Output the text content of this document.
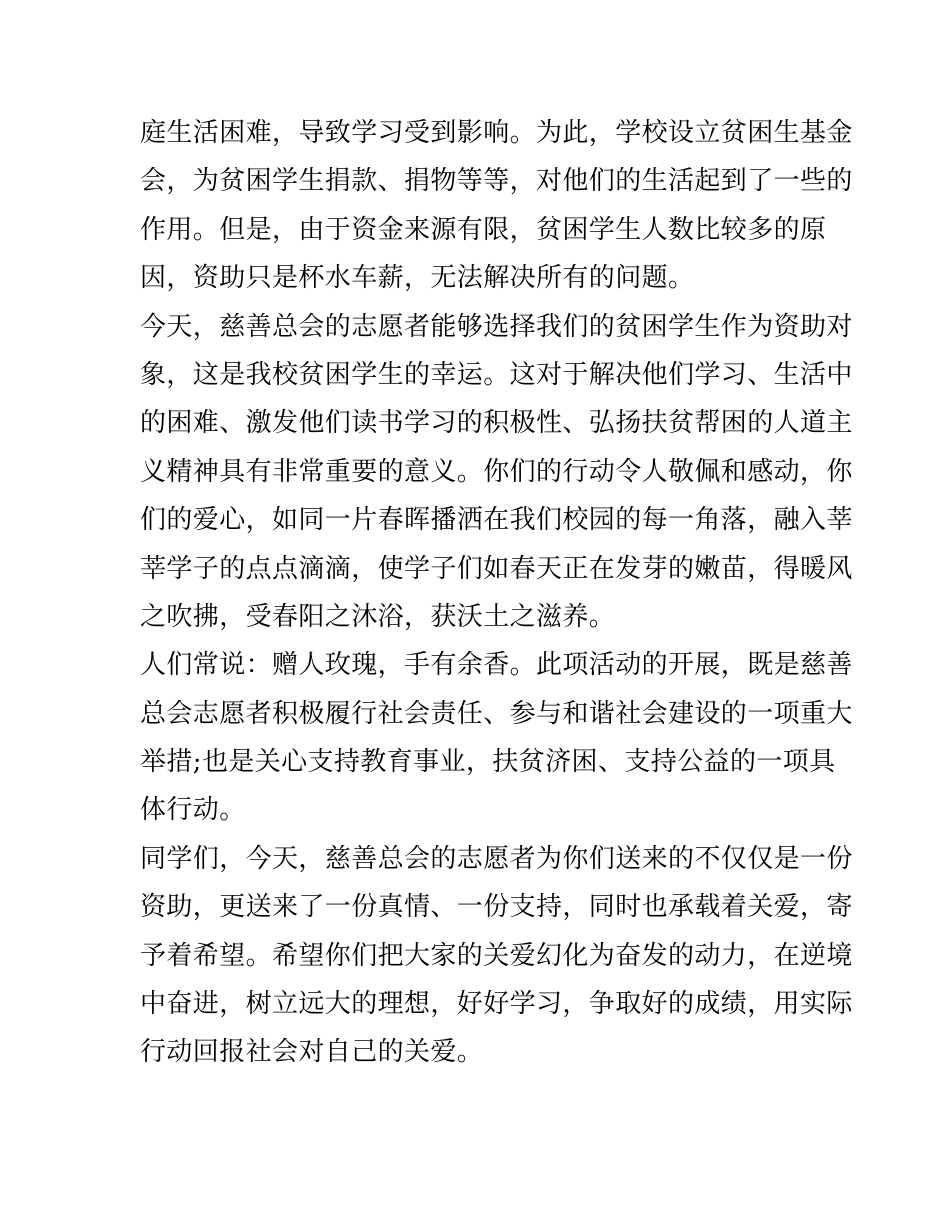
庭生活困难，导致学习受到影响。为此，学校设立贫困生基金
会，为贫困学生捐款、捐物等等，对他们的生活起到了一些的
作用。但是，由于资金来源有限，贫困学生人数比较多的原
因，资助只是杯水车薪，无法解决所有的问题。
今天，慈善总会的志愿者能够选择我们的贫困学生作为资助对
象，这是我校贫困学生的幸运。这对于解决他们学习、生活中
的困难、激发他们读书学习的积极性、弘扬扶贫帮困的人道主
义精神具有非常重要的意义。你们的行动令人敬佩和感动，你
们的爱心，如同一片春晖播洒在我们校园的每一角落，融入莘
莘学子的点点滴滴，使学子们如春天正在发芽的嫩苗，得暖风
之吹拂，受春阳之沐浴，获沃土之滋养。
人们常说：赠人玫瑰，手有余香。此项活动的开展，既是慈善
总会志愿者积极履行社会责任、参与和谐社会建设的一项重大
举措;也是关心支持教育事业，扶贫济困、支持公益的一项具
体行动。
同学们，今天，慈善总会的志愿者为你们送来的不仅仅是一份
资助，更送来了一份真情、一份支持，同时也承载着关爱，寄
予着希望。希望你们把大家的关爱幻化为奋发的动力，在逆境
中奋进，树立远大的理想，好好学习，争取好的成绩，用实际
行动回报社会对自己的关爱。
